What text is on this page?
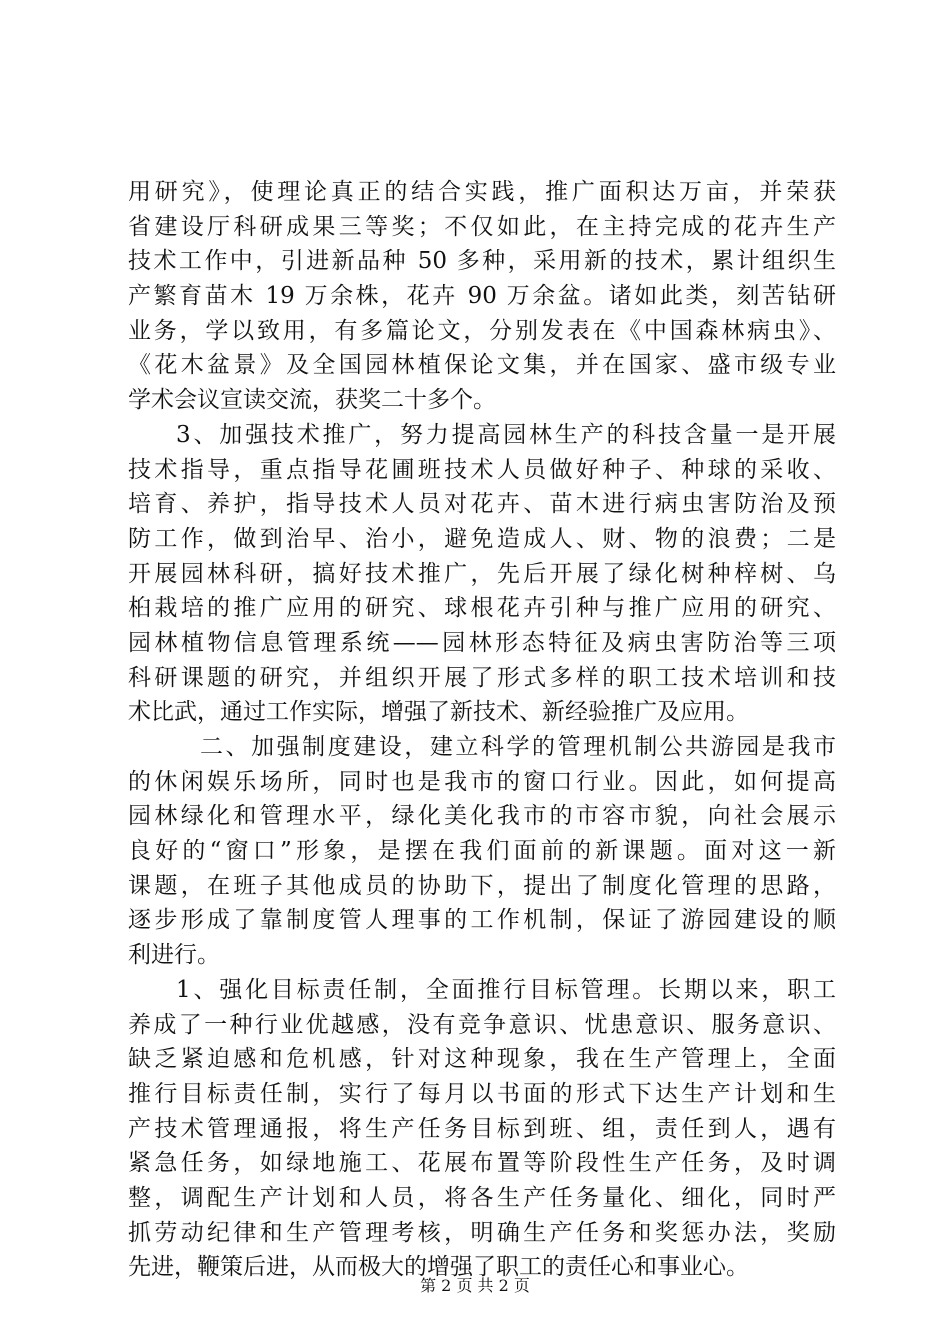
用研究》，使理论真正的结合实践，推广面积达万亩，并荣获
省建设厅科研成果三等奖；不仅如此，在主持完成的花卉生产
技术工作中，引进新品种 50 多种，采用新的技术，累计组织生
产繁育苗木 19 万余株，花卉 90 万余盆。诸如此类，刻苦钻研
业务，学以致用，有多篇论文，分别发表在《中国森林病虫》、
《花木盆景》及全国园林植保论文集，并在国家、盛市级专业
学术会议宣读交流，获奖二十多个。
3、加强技术推广，努力提高园林生产的科技含量一是开展
技术指导，重点指导花圃班技术人员做好种子、种球的采收、
培育、养护，指导技术人员对花卉、苗木进行病虫害防治及预
防工作，做到治早、治小，避免造成人、财、物的浪费；二是
开展园林科研，搞好技术推广，先后开展了绿化树种梓树、乌
桕栽培的推广应用的研究、球根花卉引种与推广应用的研究、
园林植物信息管理系统——园林形态特征及病虫害防治等三项
科研课题的研究，并组织开展了形式多样的职工技术培训和技
术比武，通过工作实际，增强了新技术、新经验推广及应用。
二、加强制度建设，建立科学的管理机制公共游园是我市
的休闲娱乐场所，同时也是我市的窗口行业。因此，如何提高
园林绿化和管理水平，绿化美化我市的市容市貌，向社会展示
良好的“窗口”形象，是摆在我们面前的新课题。面对这一新
课题，在班子其他成员的协助下，提出了制度化管理的思路，
逐步形成了靠制度管人理事的工作机制，保证了游园建设的顺
利进行。
1、强化目标责任制，全面推行目标管理。长期以来，职工
养成了一种行业优越感，没有竞争意识、忧患意识、服务意识、
缺乏紧迫感和危机感，针对这种现象，我在生产管理上，全面
推行目标责任制，实行了每月以书面的形式下达生产计划和生
产技术管理通报，将生产任务目标到班、组，责任到人，遇有
紧急任务，如绿地施工、花展布置等阶段性生产任务，及时调
整，调配生产计划和人员，将各生产任务量化、细化，同时严
抓劳动纪律和生产管理考核，明确生产任务和奖惩办法，奖励
先进，鞭策后进，从而极大的增强了职工的责任心和事业心。
第 2 页 共 2 页
